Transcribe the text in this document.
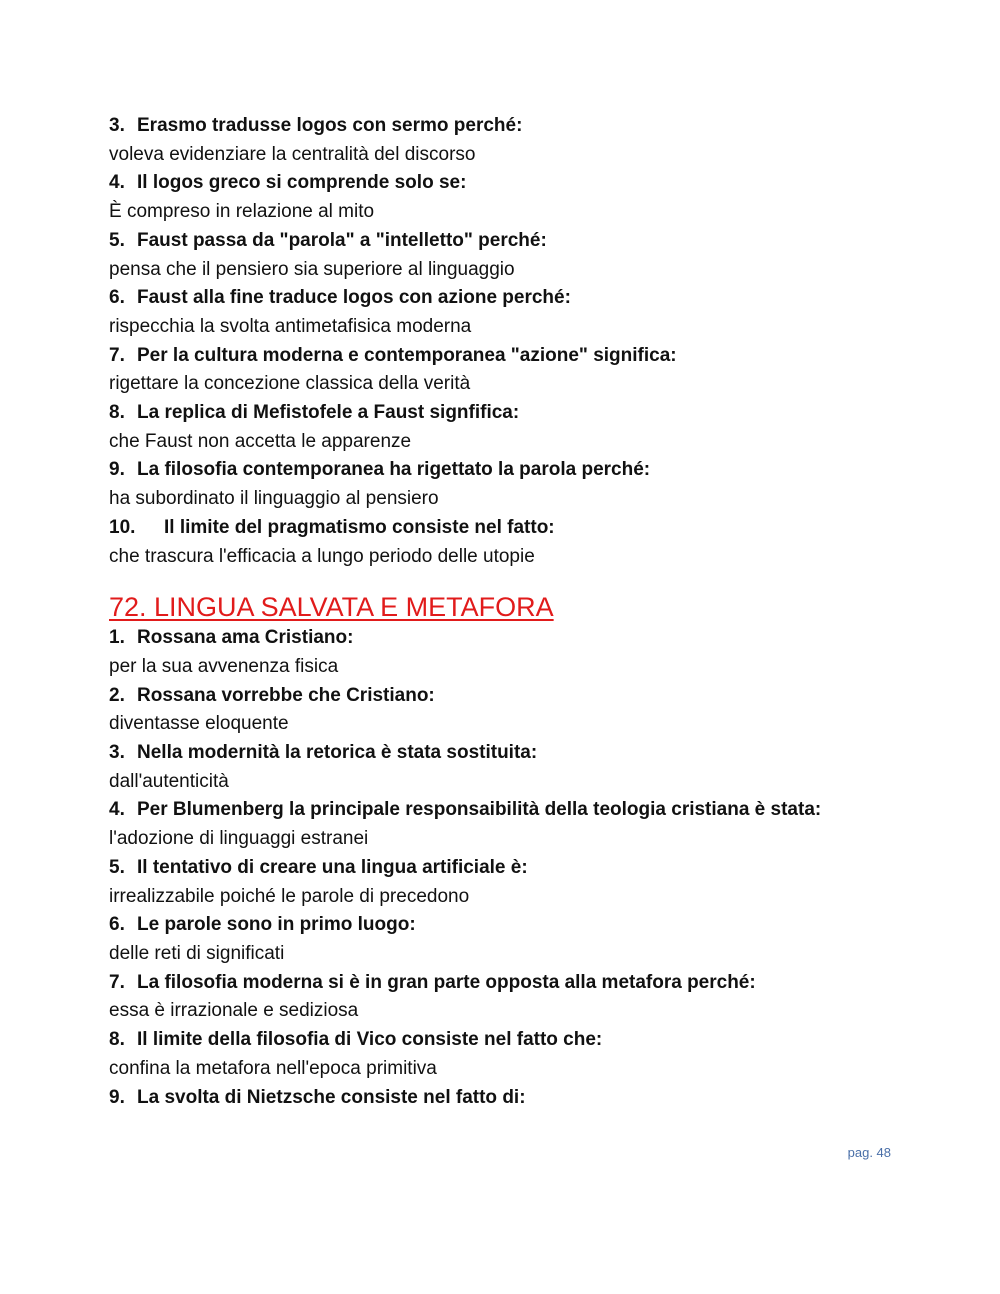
3. Erasmo tradusse logos con sermo perché:
voleva evidenziare la centralità del discorso
4. Il logos greco si comprende solo se:
È compreso in relazione al mito
5. Faust passa da "parola" a "intelletto" perché:
pensa che il pensiero sia superiore al linguaggio
6. Faust alla fine traduce logos con azione perché:
rispecchia la svolta antimetafisica moderna
7. Per la cultura moderna e contemporanea "azione" significa:
rigettare la concezione classica della verità
8. La replica di Mefistofele a Faust signfifica:
che Faust non accetta le apparenze
9. La filosofia contemporanea ha rigettato la parola perché:
ha subordinato il linguaggio al pensiero
10. Il limite del pragmatismo consiste nel fatto:
che trascura l'efficacia a lungo periodo delle utopie
72. LINGUA SALVATA E METAFORA
1. Rossana ama Cristiano:
per la sua avvenenza fisica
2. Rossana vorrebbe che Cristiano:
diventasse eloquente
3. Nella modernità la retorica è stata sostituita:
dall'autenticità
4. Per Blumenberg la principale responsaibilità della teologia cristiana è stata:
l'adozione di linguaggi estranei
5. Il tentativo di creare una lingua artificiale è:
irrealizzabile poiché le parole di precedono
6. Le parole sono in primo luogo:
delle reti di significati
7. La filosofia moderna si è in gran parte opposta alla metafora perché:
essa è irrazionale e sediziosa
8. Il limite della filosofia di Vico consiste nel fatto che:
confina la metafora nell'epoca primitiva
9. La svolta di Nietzsche consiste nel fatto di:
pag. 48
